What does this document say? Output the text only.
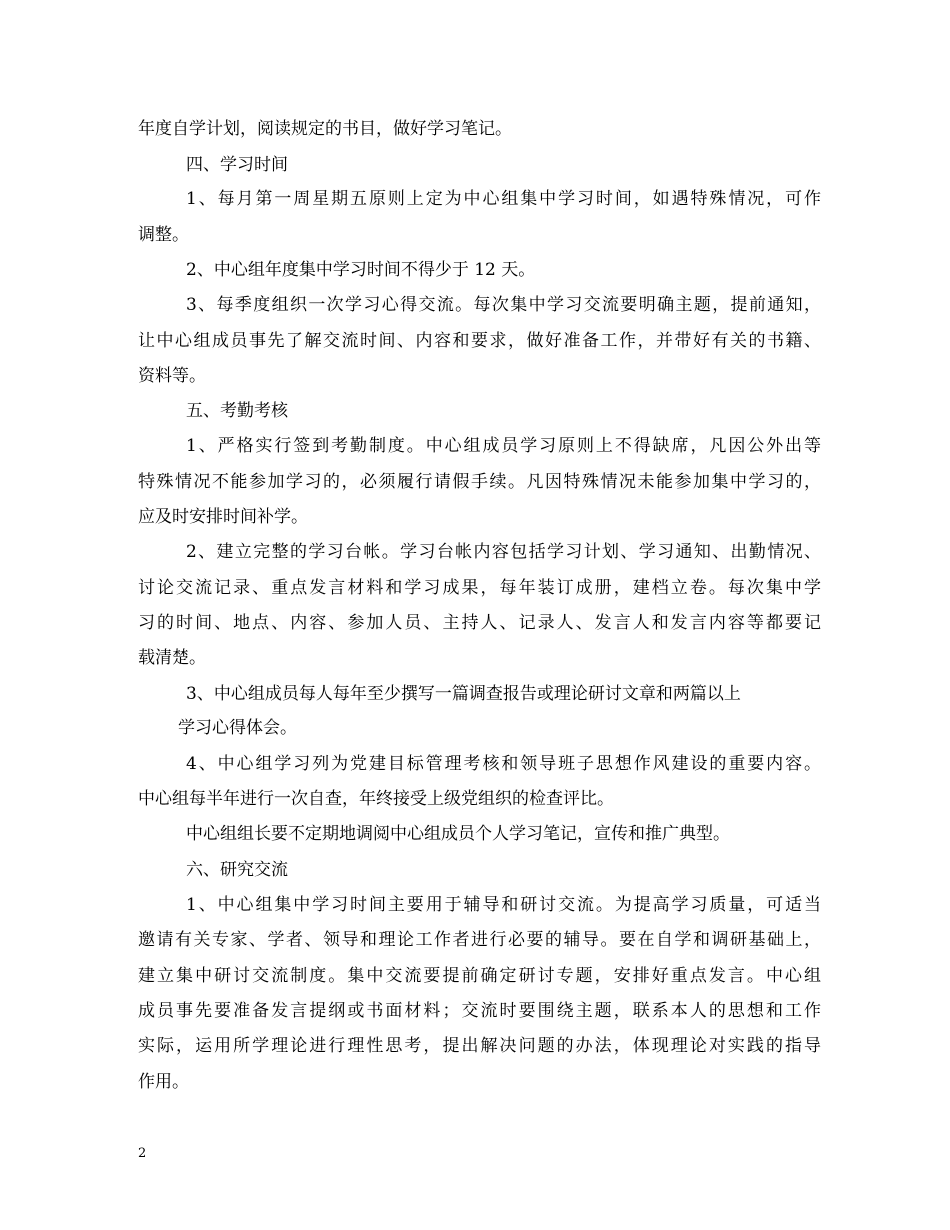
年度自学计划，阅读规定的书目，做好学习笔记。
四、学习时间
1、每月第一周星期五原则上定为中心组集中学习时间，如遇特殊情况，可作
调整。
2、中心组年度集中学习时间不得少于 12 天。
3、每季度组织一次学习心得交流。每次集中学习交流要明确主题，提前通知，
让中心组成员事先了解交流时间、内容和要求，做好准备工作，并带好有关的书籍、
资料等。
五、考勤考核
1、严格实行签到考勤制度。中心组成员学习原则上不得缺席，凡因公外出等
特殊情况不能参加学习的，必须履行请假手续。凡因特殊情况未能参加集中学习的，
应及时安排时间补学。
2、建立完整的学习台帐。学习台帐内容包括学习计划、学习通知、出勤情况、
讨论交流记录、重点发言材料和学习成果，每年装订成册，建档立卷。每次集中学
习的时间、地点、内容、参加人员、主持人、记录人、发言人和发言内容等都要记
载清楚。
3、中心组成员每人每年至少撰写一篇调查报告或理论研讨文章和两篇以上
学习心得体会。
4、中心组学习列为党建目标管理考核和领导班子思想作风建设的重要内容。
中心组每半年进行一次自查，年终接受上级党组织的检查评比。
中心组组长要不定期地调阅中心组成员个人学习笔记，宣传和推广典型。
六、研究交流
1、中心组集中学习时间主要用于辅导和研讨交流。为提高学习质量，可适当
邀请有关专家、学者、领导和理论工作者进行必要的辅导。要在自学和调研基础上，
建立集中研讨交流制度。集中交流要提前确定研讨专题，安排好重点发言。中心组
成员事先要准备发言提纲或书面材料；交流时要围绕主题，联系本人的思想和工作
实际，运用所学理论进行理性思考，提出解决问题的办法，体现理论对实践的指导
作用。
2
